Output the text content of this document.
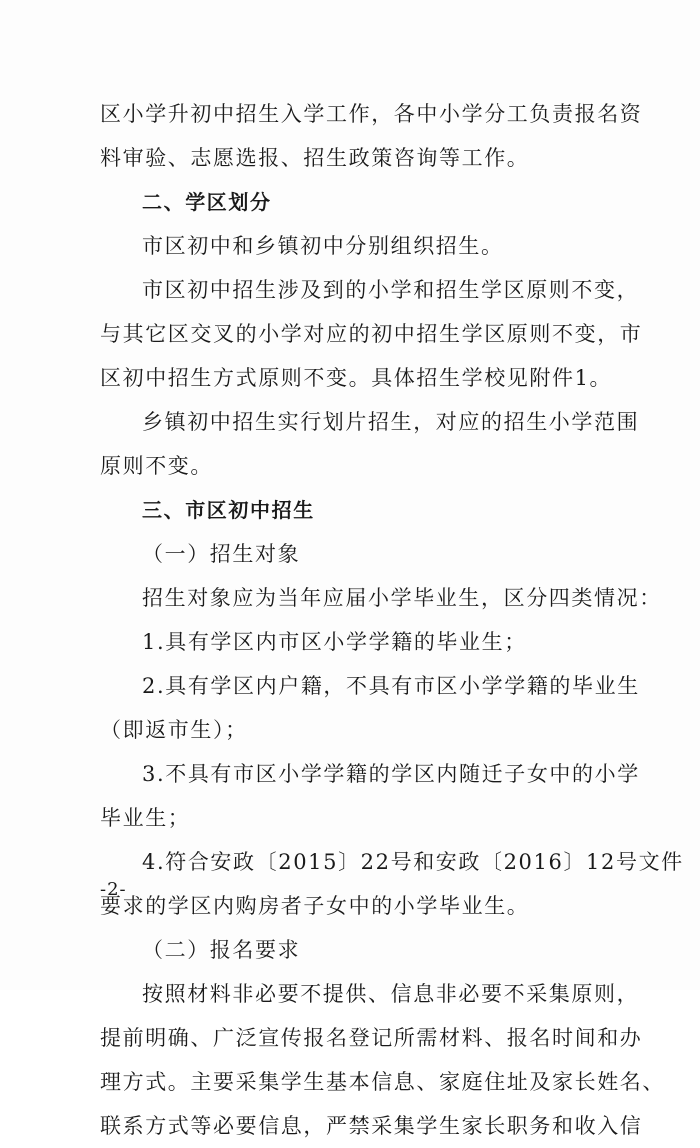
区小学升初中招生入学工作，各中小学分工负责报名资
料审验、志愿选报、招生政策咨询等工作。
二、学区划分
市区初中和乡镇初中分别组织招生。
市区初中招生涉及到的小学和招生学区原则不变，
与其它区交叉的小学对应的初中招生学区原则不变，市
区初中招生方式原则不变。具体招生学校见附件1。
乡镇初中招生实行划片招生，对应的招生小学范围
原则不变。
三、市区初中招生
（一）招生对象
招生对象应为当年应届小学毕业生，区分四类情况：
1.具有学区内市区小学学籍的毕业生；
2.具有学区内户籍，不具有市区小学学籍的毕业生
（即返市生）；
3.不具有市区小学学籍的学区内随迁子女中的小学
毕业生；
4.符合安政〔2015〕22号和安政〔2016〕12号文件
要求的学区内购房者子女中的小学毕业生。
（二）报名要求
按照材料非必要不提供、信息非必要不采集原则，
提前明确、广泛宣传报名登记所需材料、报名时间和办
理方式。主要采集学生基本信息、家庭住址及家长姓名、
联系方式等必要信息，严禁采集学生家长职务和收入信
-2-
